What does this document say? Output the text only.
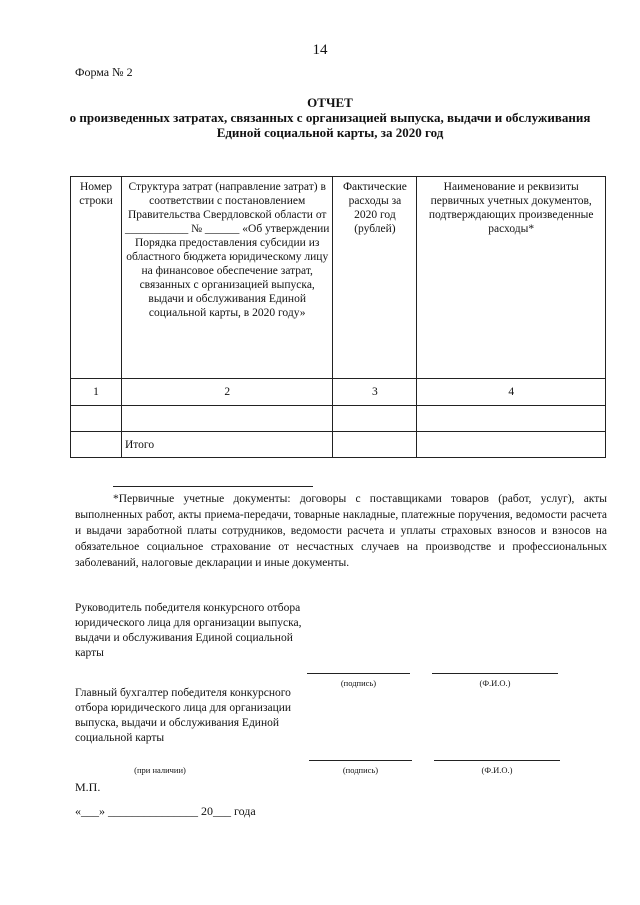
14
Форма № 2
ОТЧЕТ
о произведенных затратах, связанных с организацией выпуска, выдачи и обслуживания Единой социальной карты, за 2020 год
Номер строки	Структура затрат (направление затрат) в соответствии с постановлением Правительства Свердловской области от ___________ № ______ «Об утверждении Порядка предоставления субсидии из областного бюджета юридическому лицу на финансовое обеспечение затрат, связанных с организацией выпуска, выдачи и обслуживания Единой социальной карты, в 2020 году»	Фактические расходы за 2020 год (рублей)	Наименование и реквизиты первичных учетных документов, подтверждающих произведенные расходы*
1	2	3	4

	Итого		
*Первичные учетные документы: договоры с поставщиками товаров (работ, услуг), акты выполненных работ, акты приема-передачи, товарные накладные, платежные поручения, ведомости расчета и выдачи заработной платы сотрудников, ведомости расчета и уплаты страховых взносов и взносов на обязательное социальное страхование от несчастных случаев на производстве и профессиональных заболеваний, налоговые декларации и иные документы.
Руководитель победителя конкурсного отбора юридического лица для организации выпуска, выдачи и обслуживания Единой социальной карты
(подпись)	(Ф.И.О.)
Главный бухгалтер победителя конкурсного отбора юридического лица для организации выпуска, выдачи и обслуживания Единой социальной карты
(при наличии)	(подпись)	(Ф.И.О.)
М.П.
«___» _______________ 20___ года
